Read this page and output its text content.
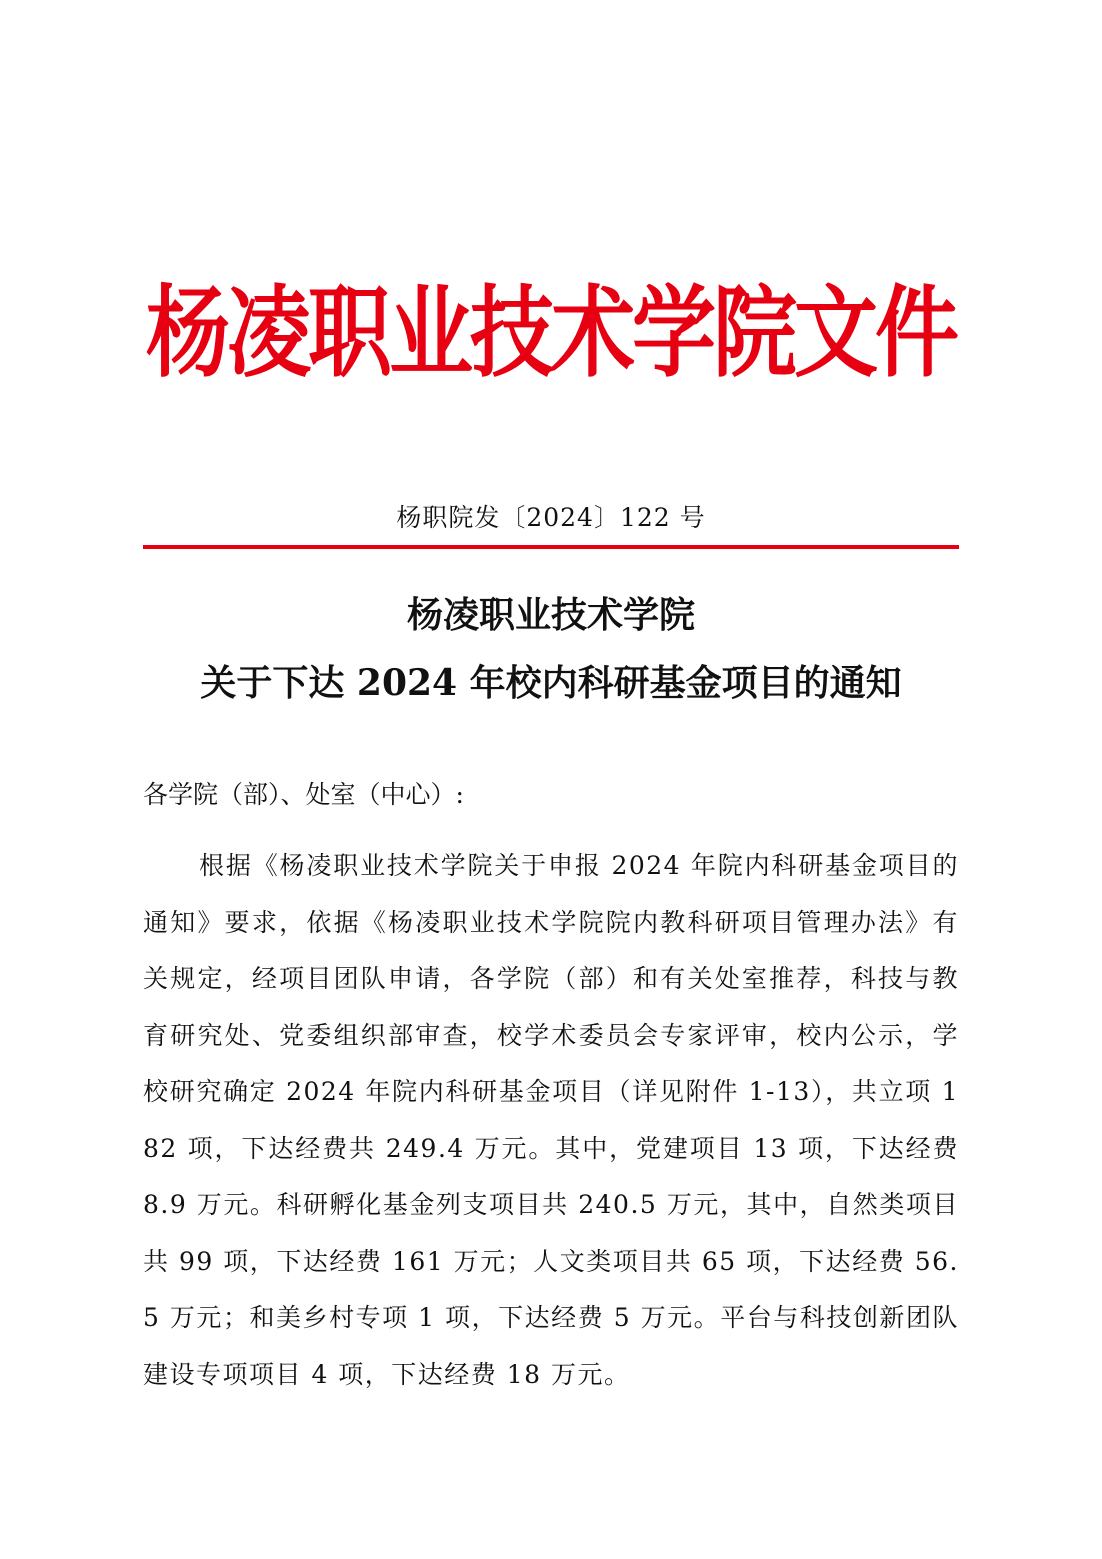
杨凌职业技术学院文件
杨职院发〔2024〕122 号
杨凌职业技术学院
关于下达 2024 年校内科研基金项目的通知
各学院（部）、处室（中心）:
根据《杨凌职业技术学院关于申报 2024 年院内科研基金项目的通知》要求，依据《杨凌职业技术学院院内教科研项目管理办法》有关规定，经项目团队申请，各学院（部）和有关处室推荐，科技与教育研究处、党委组织部审查，校学术委员会专家评审，校内公示，学校研究确定 2024 年院内科研基金项目（详见附件 1-13），共立项 182 项，下达经费共 249.4 万元。其中，党建项目 13 项，下达经费 8.9 万元。科研孵化基金列支项目共 240.5 万元，其中，自然类项目共 99 项，下达经费 161 万元；人文类项目共 65 项，下达经费 56.5 万元；和美乡村专项 1 项，下达经费 5 万元。平台与科技创新团队建设专项项目 4 项，下达经费 18 万元。
